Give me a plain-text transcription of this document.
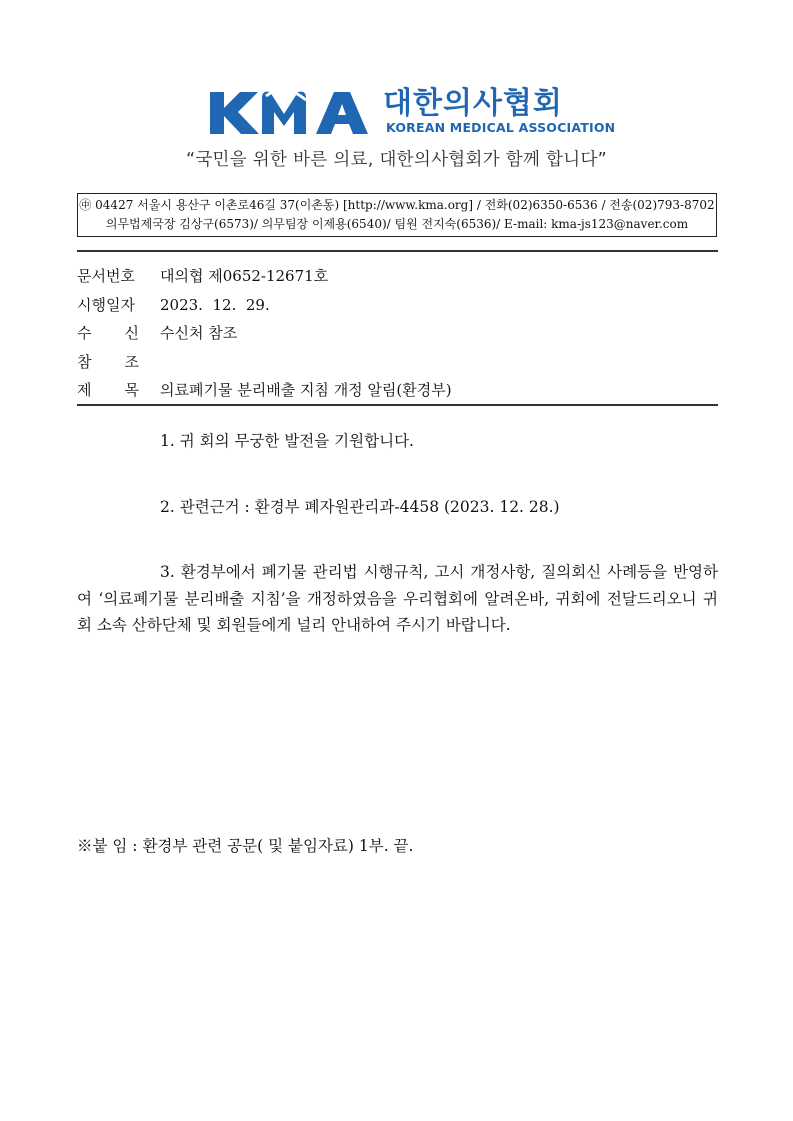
대한의사협회
KOREAN MEDICAL ASSOCIATION
“국민을 위한 바른 의료, 대한의사협회가 함께 합니다”
㊥ 04427 서울시 용산구 이촌로46길 37(이촌동) [http://www.kma.org] / 전화(02)6350-6536 / 전송(02)793-8702
의무법제국장 김상구(6573)/ 의무팀장 이제용(6540)/ 팀원 전지숙(6536)/ E-mail: kma-js123@naver.com
문서번호	대의협 제0652-12671호
시행일자	2023.  12.  29.
수 신 수신처 참조
참 조
제 목 의료폐기물 분리배출 지침 개정 알림(환경부)
1. 귀 회의 무궁한 발전을 기원합니다.
2. 관련근거 : 환경부 폐자원관리과-4458 (2023. 12. 28.)
3. 환경부에서 폐기물 관리법 시행규칙, 고시 개정사항, 질의회신 사례등을 반영하여 ‘의료폐기물 분리배출 지침’을 개정하였음을 우리협회에 알려온바, 귀회에 전달드리오니 귀 회 소속 산하단체 및 회원들에게 널리 안내하여 주시기 바랍니다.
※붙 임 : 환경부 관련 공문( 및 붙임자료) 1부. 끝.
